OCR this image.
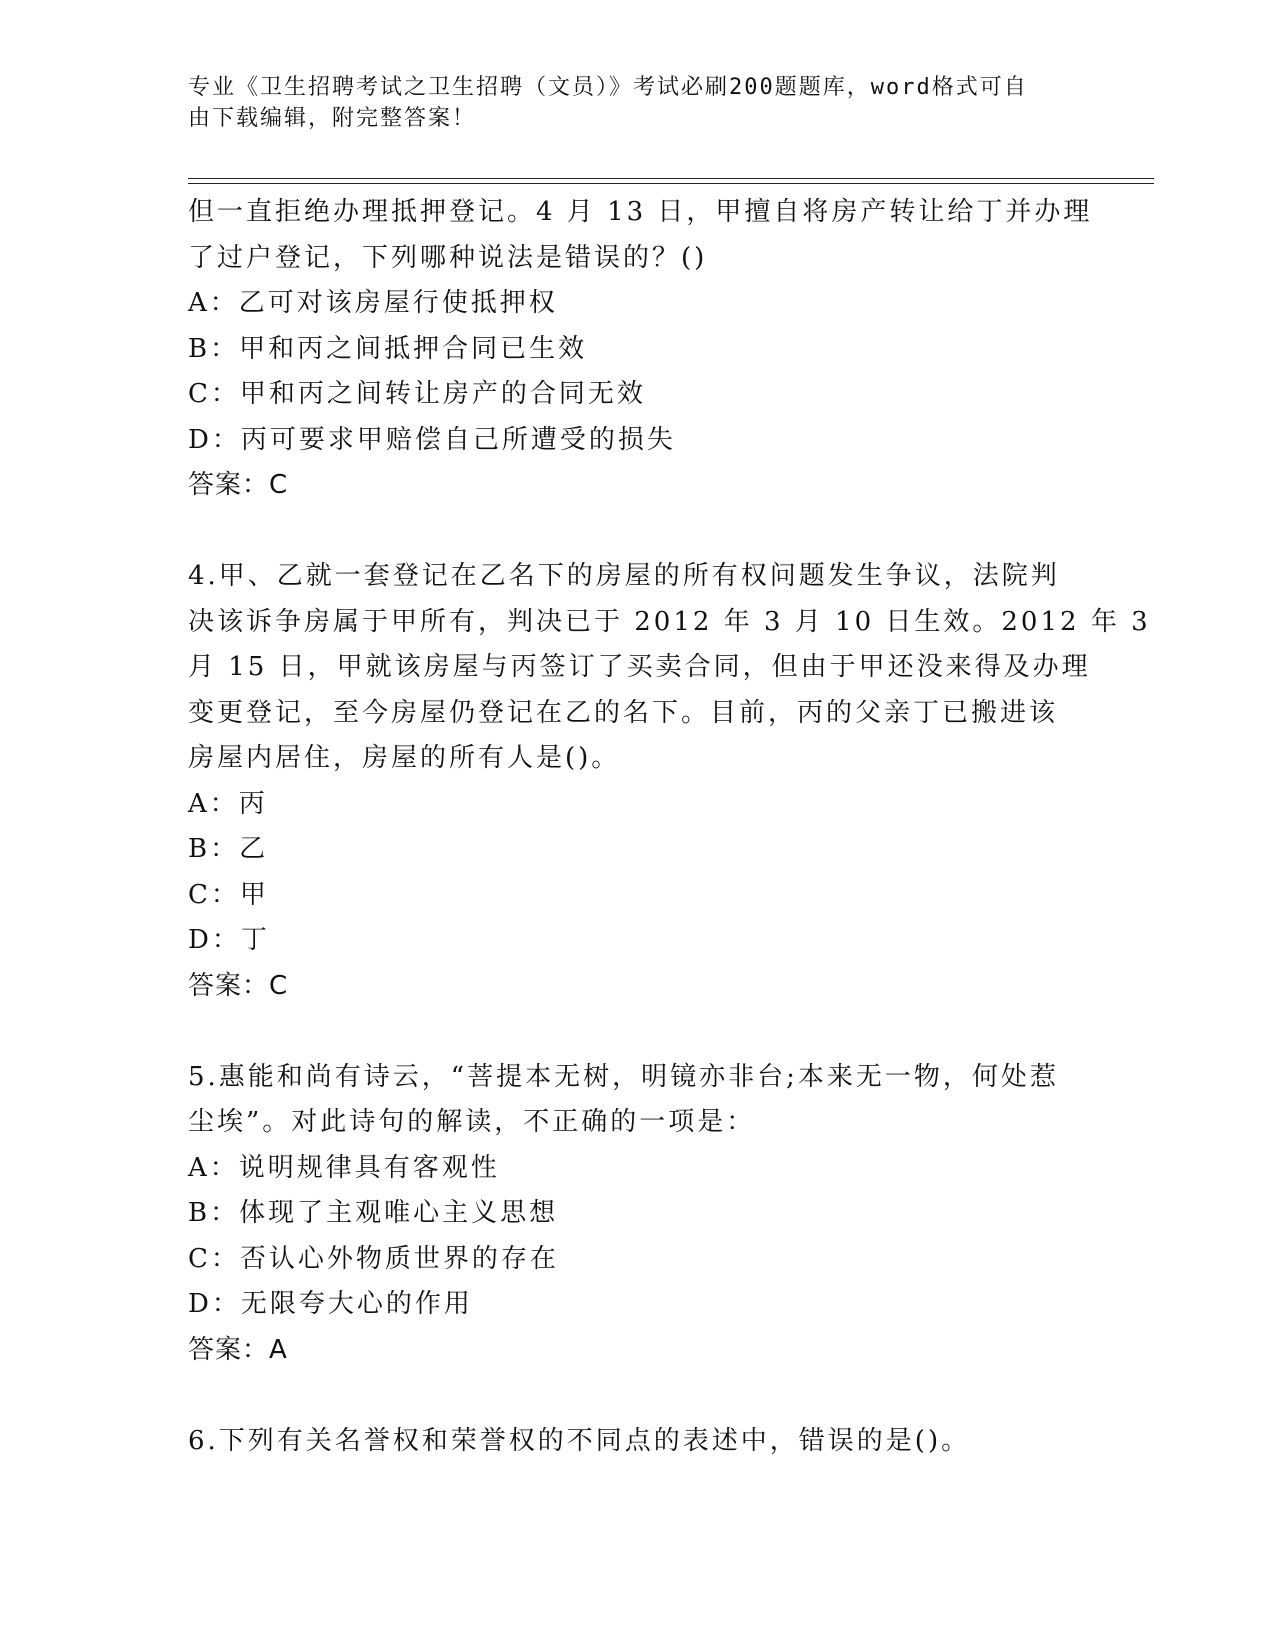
专业《卫生招聘考试之卫生招聘（文员）》考试必刷200题题库，word格式可自
由下载编辑，附完整答案！
但一直拒绝办理抵押登记。4 月 13 日，甲擅自将房产转让给丁并办理
了过户登记，下列哪种说法是错误的？()
A：乙可对该房屋行使抵押权
B：甲和丙之间抵押合同已生效
C：甲和丙之间转让房产的合同无效
D：丙可要求甲赔偿自己所遭受的损失
答案：C
4.甲、乙就一套登记在乙名下的房屋的所有权问题发生争议，法院判
决该诉争房属于甲所有，判决已于 2012 年 3 月 10 日生效。2012 年 3
月 15 日，甲就该房屋与丙签订了买卖合同，但由于甲还没来得及办理
变更登记，至今房屋仍登记在乙的名下。目前，丙的父亲丁已搬进该
房屋内居住，房屋的所有人是()。
A：丙
B：乙
C：甲
D：丁
答案：C
5.惠能和尚有诗云，“菩提本无树，明镜亦非台;本来无一物，何处惹
尘埃”。对此诗句的解读，不正确的一项是：
A：说明规律具有客观性
B：体现了主观唯心主义思想
C：否认心外物质世界的存在
D：无限夸大心的作用
答案：A
6.下列有关名誉权和荣誉权的不同点的表述中，错误的是()。
